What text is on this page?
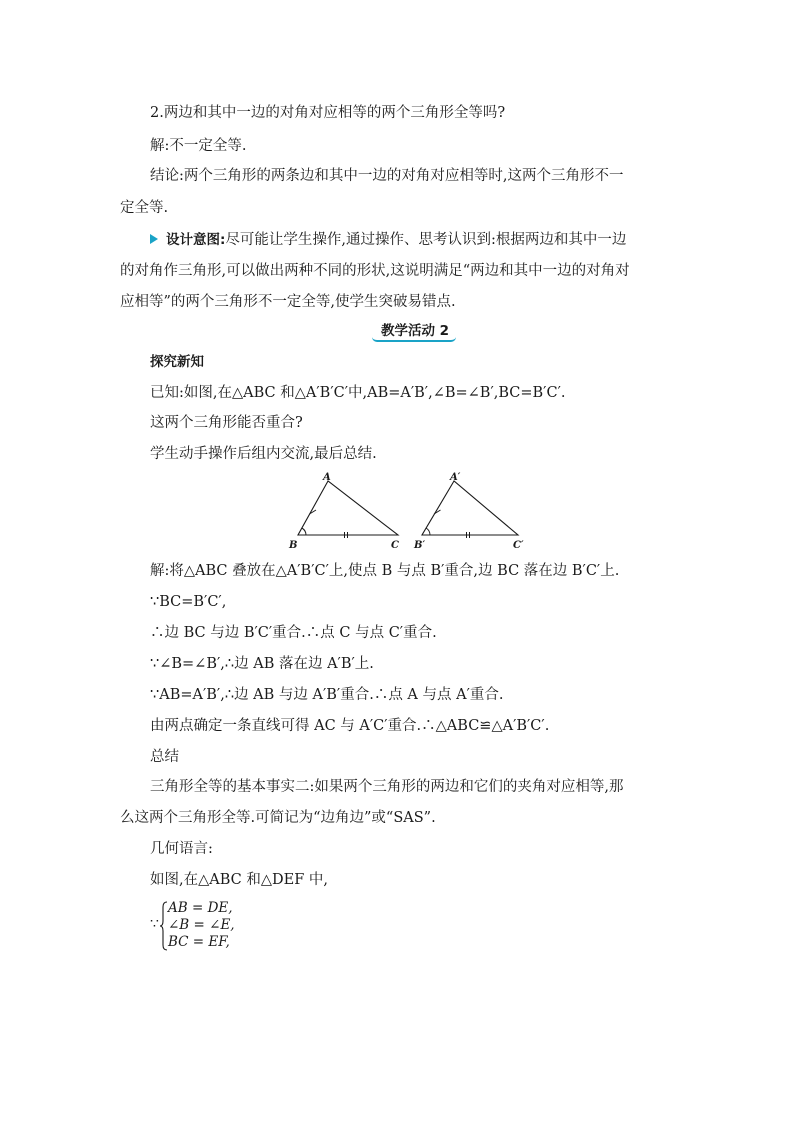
2.两边和其中一边的对角对应相等的两个三角形全等吗?
解:不一定全等.
结论:两个三角形的两条边和其中一边的对角对应相等时,这两个三角形不一
定全等.
设计意图:尽可能让学生操作,通过操作、思考认识到:根据两边和其中一边
的对角作三角形,可以做出两种不同的形状,这说明满足“两边和其中一边的对角对
应相等”的两个三角形不一定全等,使学生突破易错点.
教学活动 2
探究新知
已知:如图,在△ABC 和△A′B′C′中,AB=A′B′,∠B=∠B′,BC=B′C′.
这两个三角形能否重合?
学生动手操作后组内交流,最后总结.
A
B	C
A′
B′	C′
解:将△ABC 叠放在△A′B′C′上,使点 B 与点 B′重合,边 BC 落在边 B′C′上.
∵BC=B′C′,
∴边 BC 与边 B′C′重合.∴点 C 与点 C′重合.
∵∠B=∠B′,∴边 AB 落在边 A′B′上.
∵AB=A′B′,∴边 AB 与边 A′B′重合.∴点 A 与点 A′重合.
由两点确定一条直线可得 AC 与 A′C′重合.∴△ABC≌△A′B′C′.
总结
三角形全等的基本事实二:如果两个三角形的两边和它们的夹角对应相等,那
么这两个三角形全等.可简记为“边角边”或“SAS”.
几何语言:
如图,在△ABC 和△DEF 中,
∵
AB = DE,
∠B = ∠E,
BC = EF,
